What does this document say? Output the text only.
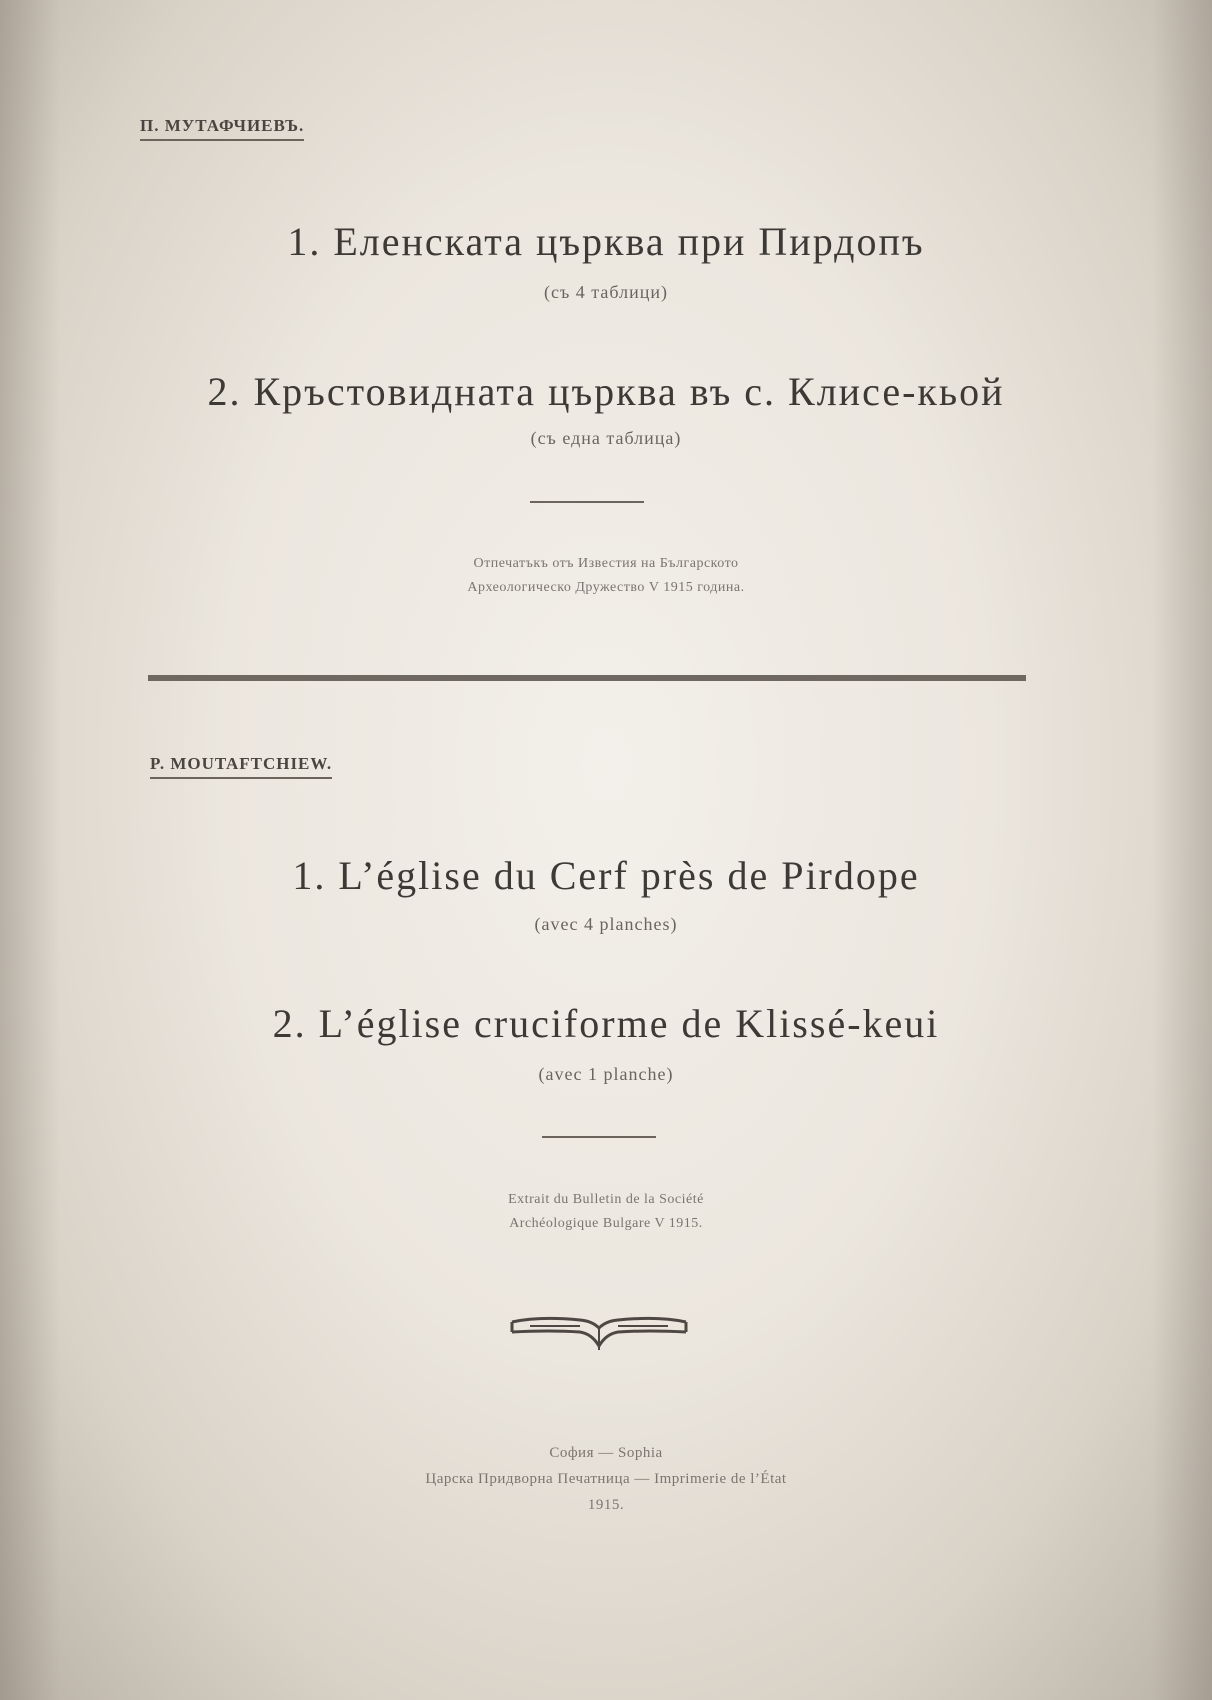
П. МУТАФЧИЕВЪ.
1. Еленската църква при Пирдопъ
(съ 4 таблици)
2. Кръстовидната църква въ с. Клисе-кьой
(съ една таблица)
Отпечатъкъ отъ Известия на Българското
Археологическо Дружество V 1915 година.
P. MOUTAFTCHIEW.
1. L’église du Cerf près de Pirdope
(avec 4 planches)
2. L’église cruciforme de Klissé-keui
(avec 1 planche)
Extrait du Bulletin de la Société
Archéologique Bulgare V 1915.
София — Sophia
Царска Придворна Печатница — Imprimerie de l’État
1915.
